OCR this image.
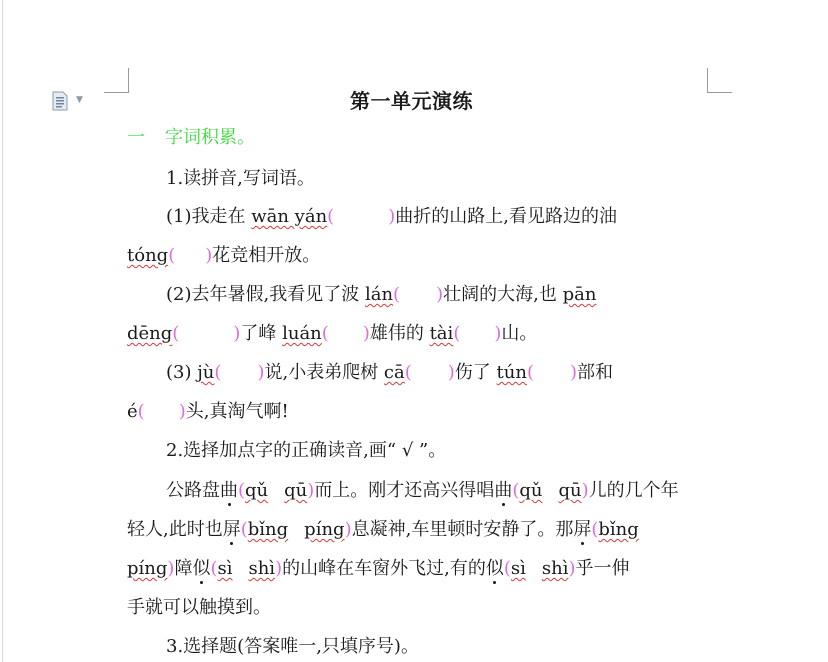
▼	第一单元演练
一 字词积累。
1.读拼音,写词语。
(1)我走在 wān yán(	)曲折的山路上,看见路边的油
tóng( )花竞相开放。
(2)去年暑假,我看见了波 lán( )壮阔的大海,也 pān
dēng(	)了峰 luán( )雄伟的 tài( )山。
(3) jù( )说,小表弟爬树 cā( )伤了 tún( )部和
é( )头,真淘气啊!
2.选择加点字的正确读音,画“ √ ”。
公路盘曲(qǔ qū)而上。刚才还高兴得唱曲(qǔ qū)儿的几个年
轻人,此时也屏(bǐng píng)息凝神,车里顿时安静了。那屏(bǐng
píng)障似(sì shì)的山峰在车窗外飞过,有的似(sì shì)乎一伸
手就可以触摸到。
3.选择题(答案唯一,只填序号)。
